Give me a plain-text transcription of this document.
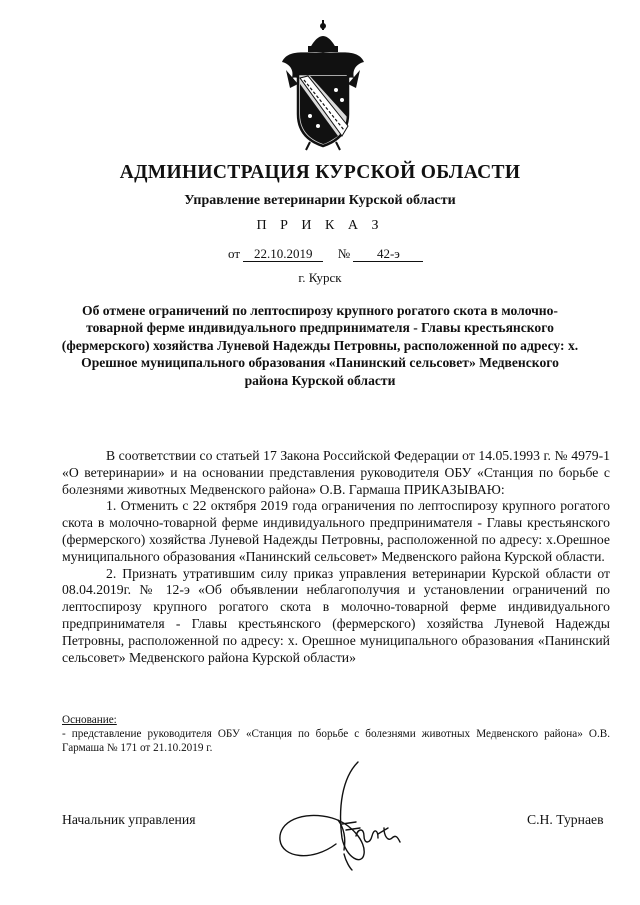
АДМИНИСТРАЦИЯ КУРСКОЙ ОБЛАСТИ
Управление ветеринарии Курской области
П Р И К А З
от 22.10.2019 № 42-э
г. Курск
Об отмене ограничений по лептоспирозу крупного рогатого скота в молочно-товарной ферме индивидуального предпринимателя - Главы крестьянского (фермерского) хозяйства Луневой Надежды Петровны, расположенной по адресу: х. Орешное муниципального образования «Панинский сельсовет» Медвенского района Курской области

В соответствии со статьей 17 Закона Российской Федерации от 14.05.1993 г. № 4979-1 «О ветеринарии» и на основании представления руководителя ОБУ «Станция по борьбе с болезнями животных Медвенского района» О.В. Гармаша ПРИКАЗЫВАЮ:

1. Отменить с 22 октября 2019 года ограничения по лептоспирозу крупного рогатого скота в молочно-товарной ферме индивидуального предпринимателя - Главы крестьянского (фермерского) хозяйства Луневой Надежды Петровны, расположенной по адресу: х.Орешное муниципального образования «Панинский сельсовет» Медвенского района Курской области.

2. Признать утратившим силу приказ управления ветеринарии Курской области от 08.04.2019г. № 12-э «Об объявлении неблагополучия и установлении ограничений по лептоспирозу крупного рогатого скота в молочно-товарной ферме индивидуального предпринимателя - Главы крестьянского (фермерского) хозяйства Луневой Надежды Петровны, расположенной по адресу: х. Орешное муниципального образования «Панинский сельсовет» Медвенского района Курской области»

Основание:

- представление руководителя ОБУ «Станция по борьбе с болезнями животных Медвенского района» О.В. Гармаша № 171 от 21.10.2019 г.

Начальник управления	С.Н. Турнаев
